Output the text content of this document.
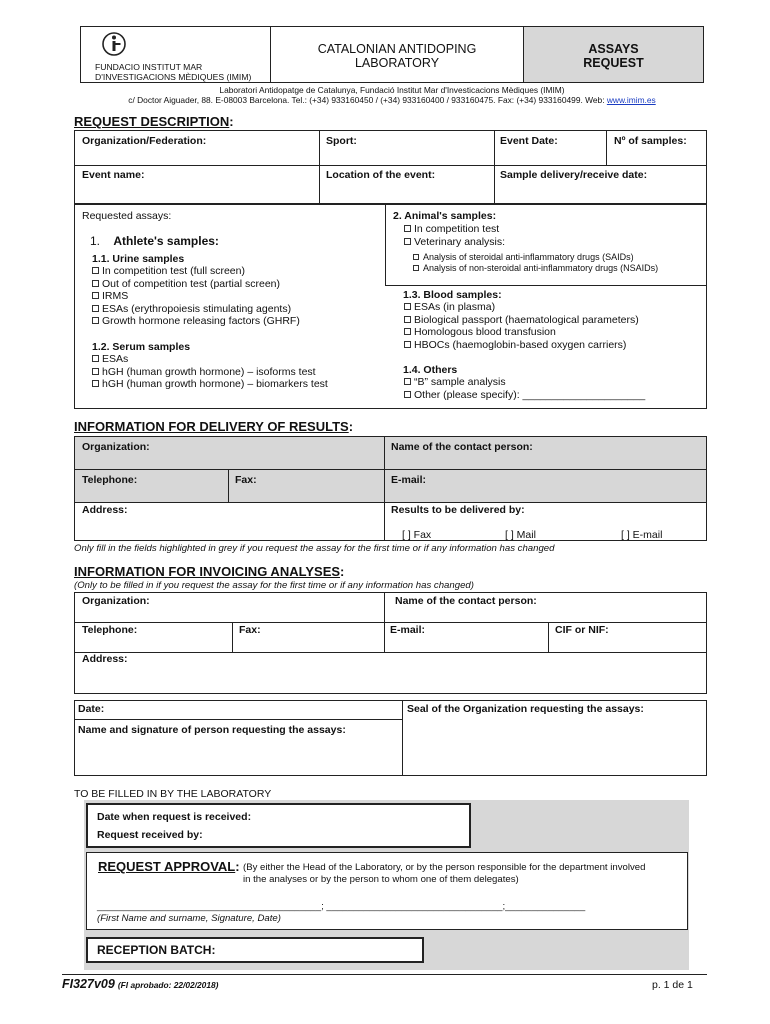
FUNDACIO INSTITUT MAR
D'INVESTIGACIONS MÈDIQUES (IMIM)
CATALONIAN ANTIDOPING
LABORATORY
ASSAYS
REQUEST
Laboratori Antidopatge de Catalunya, Fundació Institut Mar d'Investicacions Mèdiques (IMIM)
c/ Doctor Aiguader, 88. E-08003 Barcelona. Tel.: (+34) 933160450 / (+34) 933160400 / 933160475. Fax: (+34) 933160499. Web: www.imim.es
REQUEST DESCRIPTION:
Organization/Federation:	Sport:	Event Date:	Nº of samples:
Event name:	Location of the event:	Sample delivery/receive date:
Requested assays:
1. Athlete's samples:
1.1. Urine samples
In competition test (full screen)
Out of competition test (partial screen)
IRMS
ESAs (erythropoiesis stimulating agents)
Growth hormone releasing factors (GHRF)
1.2. Serum samples
ESAs
hGH (human growth hormone) – isoforms test
hGH (human growth hormone) – biomarkers test
2. Animal's samples:
In competition test
Veterinary analysis:
Analysis of steroidal anti-inflammatory drugs (SAIDs)
Analysis of non-steroidal anti-inflammatory drugs (NSAIDs)
1.3. Blood samples:
ESAs (in plasma)
Biological passport (haematological parameters)
Homologous blood transfusion
HBOCs (haemoglobin-based oxygen carriers)
1.4. Others
“B” sample analysis
Other (please specify): _____________________
INFORMATION FOR DELIVERY OF RESULTS:
Organization:	Name of the contact person:
Telephone:	Fax:	E-mail:
Address:	Results to be delivered by:
[ ] Fax	[ ] Mail	[ ] E-mail
Only fill in the fields highlighted in grey if you request the assay for the first time or if any information has changed
INFORMATION FOR INVOICING ANALYSES:
(Only to be filled in if you request the assay for the first time or if any information has changed)
Organization:	Name of the contact person:
Telephone:	Fax:	E-mail:	CIF or NIF:
Address:
Date:	Seal of the Organization requesting the assays:
Name and signature of person requesting the assays:
TO BE FILLED IN BY THE LABORATORY
Date when request is received:
Request received by:
REQUEST APPROVAL: (By either the Head of the Laboratory, or by the person responsible for the department involved
in the analyses or by the person to whom one of them delegates)
__________________________________________; _________________________________;_______________
(First Name and surname, Signature, Date)
RECEPTION BATCH:
FI327v09 (FI aprobado: 22/02/2018)	p. 1 de 1
